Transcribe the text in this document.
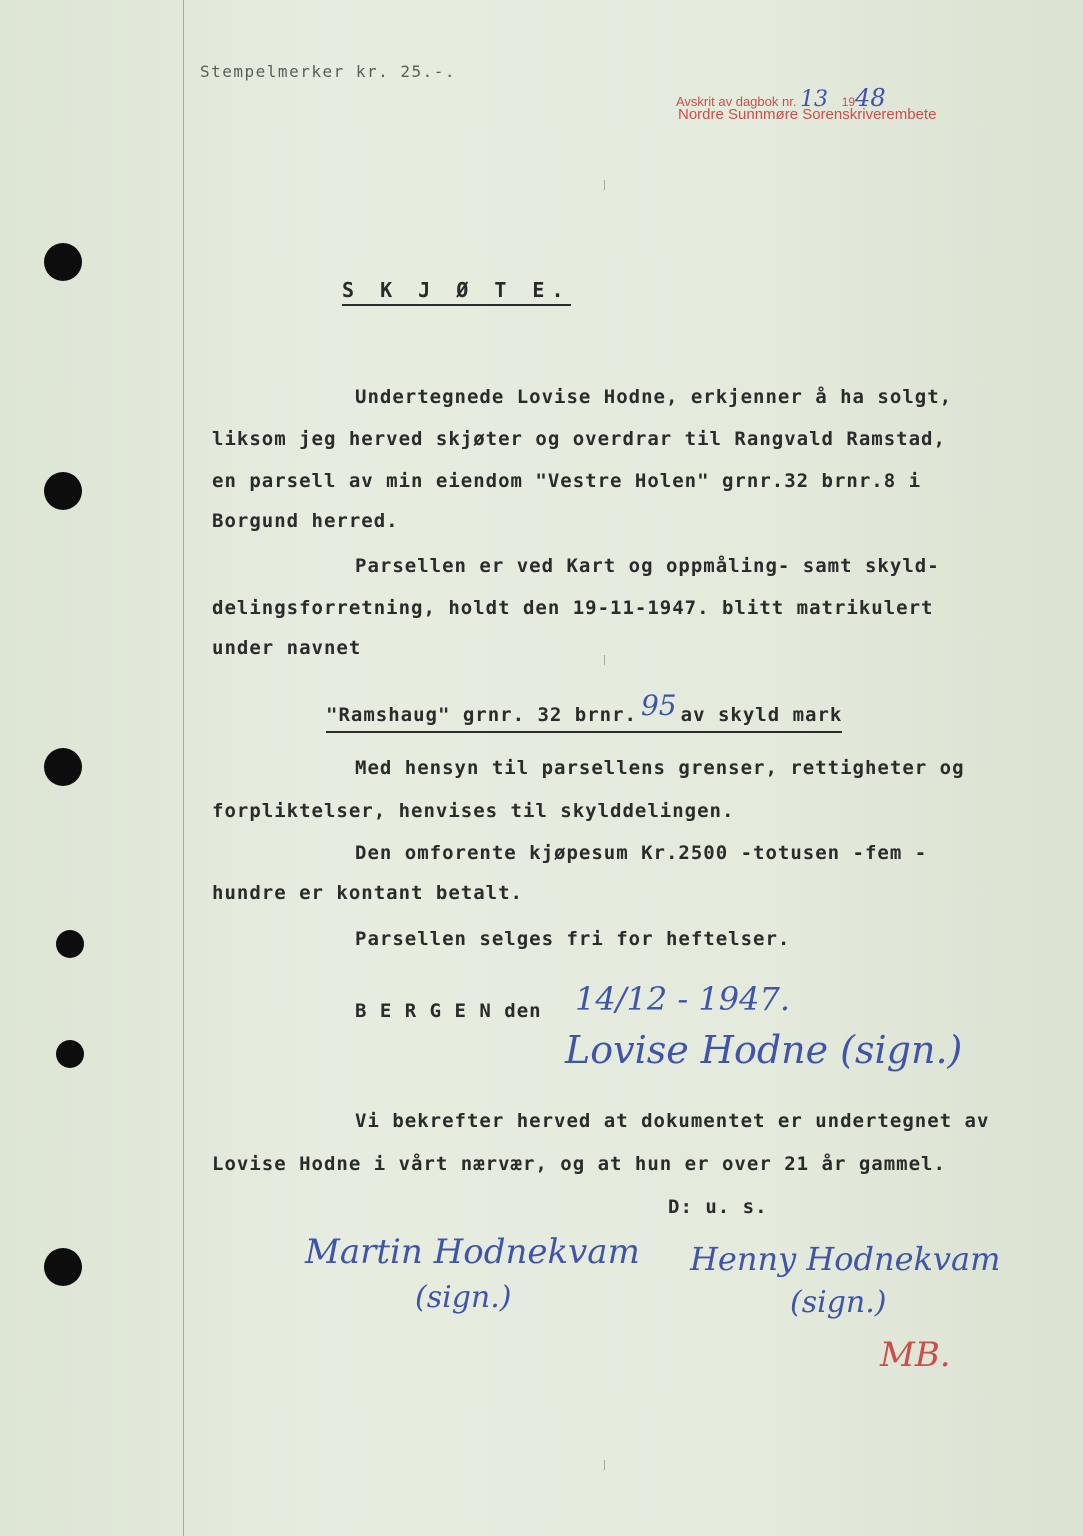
Stempelmerker kr. 25.-.
Avskrit av dagbok nr. 13 1948
Nordre Sunnmøre Sorenskriverembete
S K J Ø T E.
Undertegnede Lovise Hodne, erkjenner å ha solgt,
liksom jeg herved skjøter og overdrar til Rangvald Ramstad,
en parsell av min eiendom "Vestre Holen" grnr.32 brnr.8 i
Borgund herred.
Parsellen er ved Kart og oppmåling- samt skyld-
delingsforretning, holdt den 19-11-1947. blitt matrikulert
under navnet
"Ramshaug" grnr. 32 brnr. 95 av skyld mark
Med hensyn til parsellens grenser, rettigheter og
forpliktelser, henvises til skylddelingen.
Den omforente kjøpesum Kr.2500 -totusen -fem -
hundre er kontant betalt.
Parsellen selges fri for heftelser.
B E R G E N den 14/12 - 1947.
Lovise Hodne (sign.)
Vi bekrefter herved at dokumentet er undertegnet av
Lovise Hodne i vårt nærvær, og at hun er over 21 år gammel.
D: u. s.
Martin Hodnekvam
(sign.)
Henny Hodnekvam
(sign.)
MB.
